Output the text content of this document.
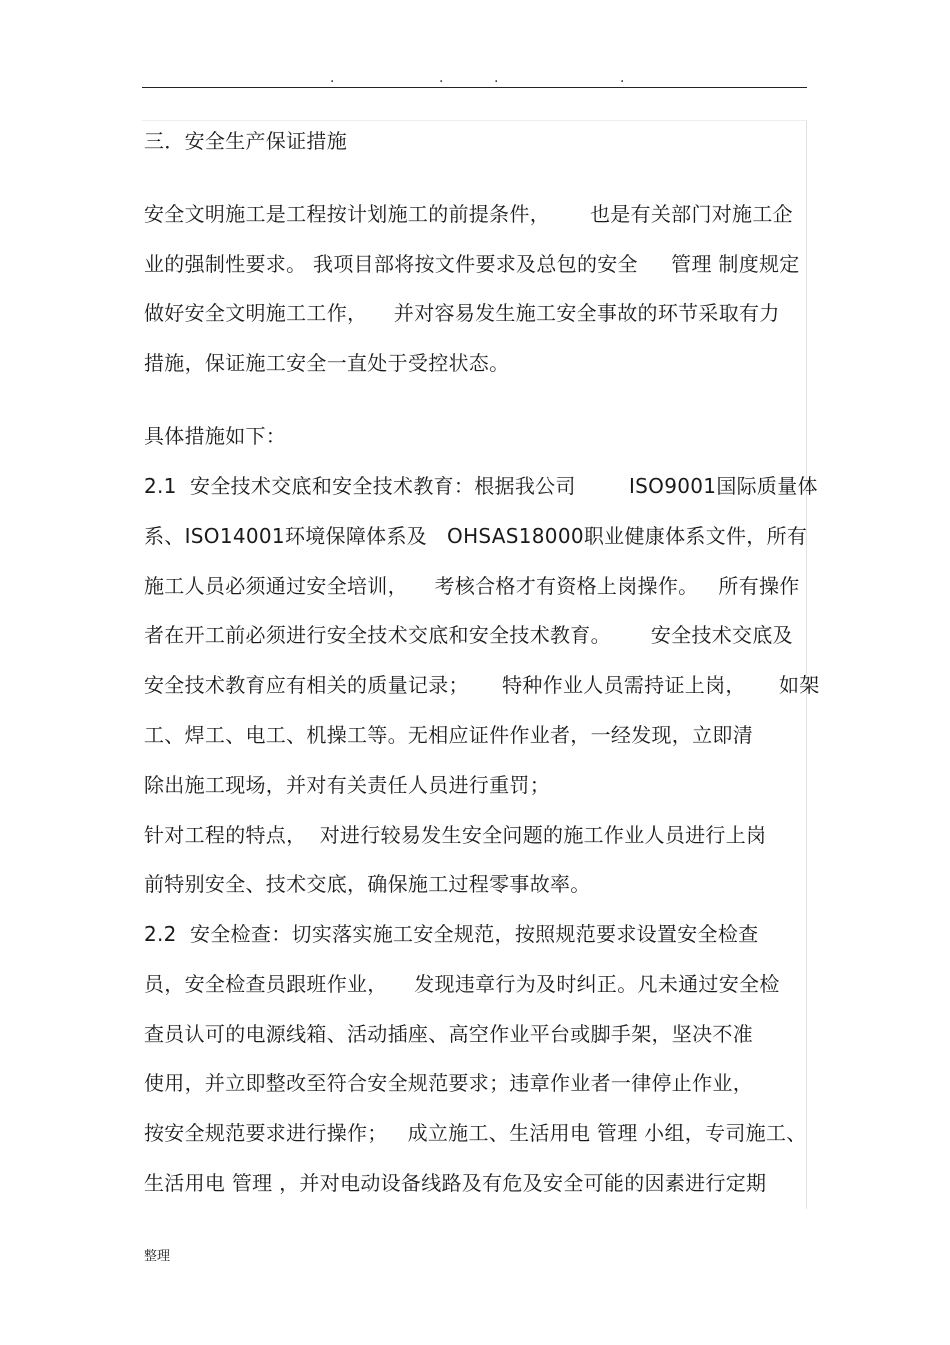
.	.	.	.
三．安全生产保证措施
安全文明施工是工程按计划施工的前提条件，      也是有关部门对施工企
业的强制性要求。 我项目部将按文件要求及总包的安全     管理 制度规定
做好安全文明施工工作，    并对容易发生施工安全事故的环节采取有力
措施，保证施工安全一直处于受控状态。
具体措施如下：
2.1  安全技术交底和安全技术教育：根据我公司        ISO9001国际质量体
系、ISO14001环境保障体系及   OHSAS18000职业健康体系文件，所有
施工人员必须通过安全培训，    考核合格才有资格上岗操作。   所有操作
者在开工前必须进行安全技术交底和安全技术教育。      安全技术交底及
安全技术教育应有相关的质量记录；     特种作业人员需持证上岗，     如架
工、焊工、电工、机操工等。无相应证件作业者，一经发现，立即清
除出施工现场，并对有关责任人员进行重罚；
针对工程的特点，  对进行较易发生安全问题的施工作业人员进行上岗
前特别安全、技术交底，确保施工过程零事故率。
2.2  安全检查：切实落实施工安全规范，按照规范要求设置安全检查
员，安全检查员跟班作业，    发现违章行为及时纠正。凡未通过安全检
查员认可的电源线箱、活动插座、高空作业平台或脚手架，坚决不准
使用，并立即整改至符合安全规范要求；违章作业者一律停止作业，
按安全规范要求进行操作；   成立施工、生活用电 管理 小组，专司施工、
生活用电 管理 ，并对电动设备线路及有危及安全可能的因素进行定期
整理
